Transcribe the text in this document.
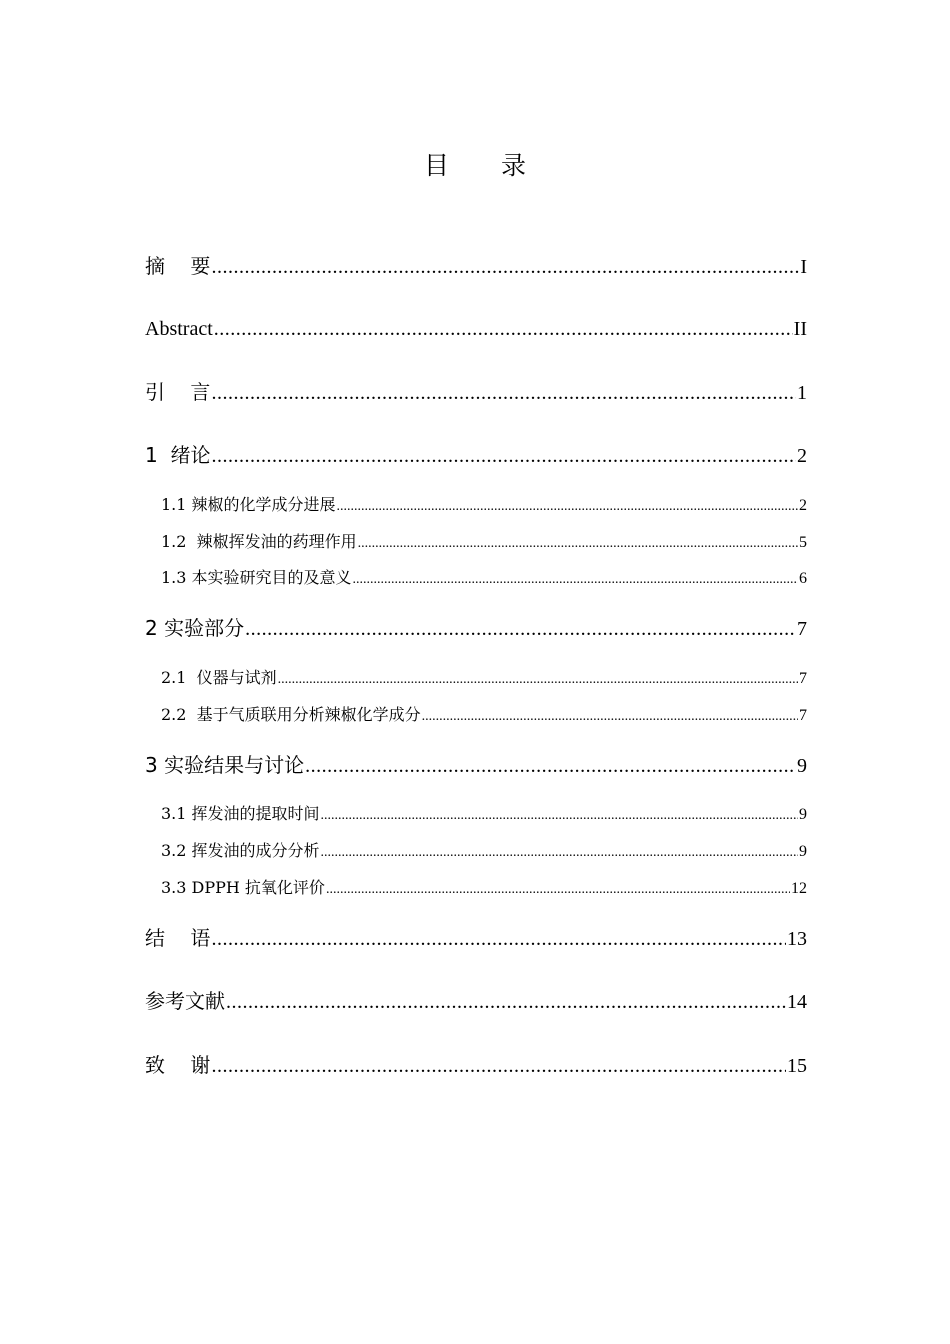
目 录
摘    要 .....	I
Abstract .....	II
引    言 .....	1
1  绪论 .....	2
1.1 辣椒的化学成分进展 .....	2
1.2  辣椒挥发油的药理作用 .....	5
1.3 本实验研究目的及意义 .....	6
2 实验部分 .....	7
2.1  仪器与试剂 .....	7
2.2  基于气质联用分析辣椒化学成分 .....	7
3 实验结果与讨论 .....	9
3.1 挥发油的提取时间 .....	9
3.2 挥发油的成分分析 .....	9
3.3 DPPH 抗氧化评价 .....	12
结    语 .....	13
参考文献 .....	14
致    谢 .....	15
